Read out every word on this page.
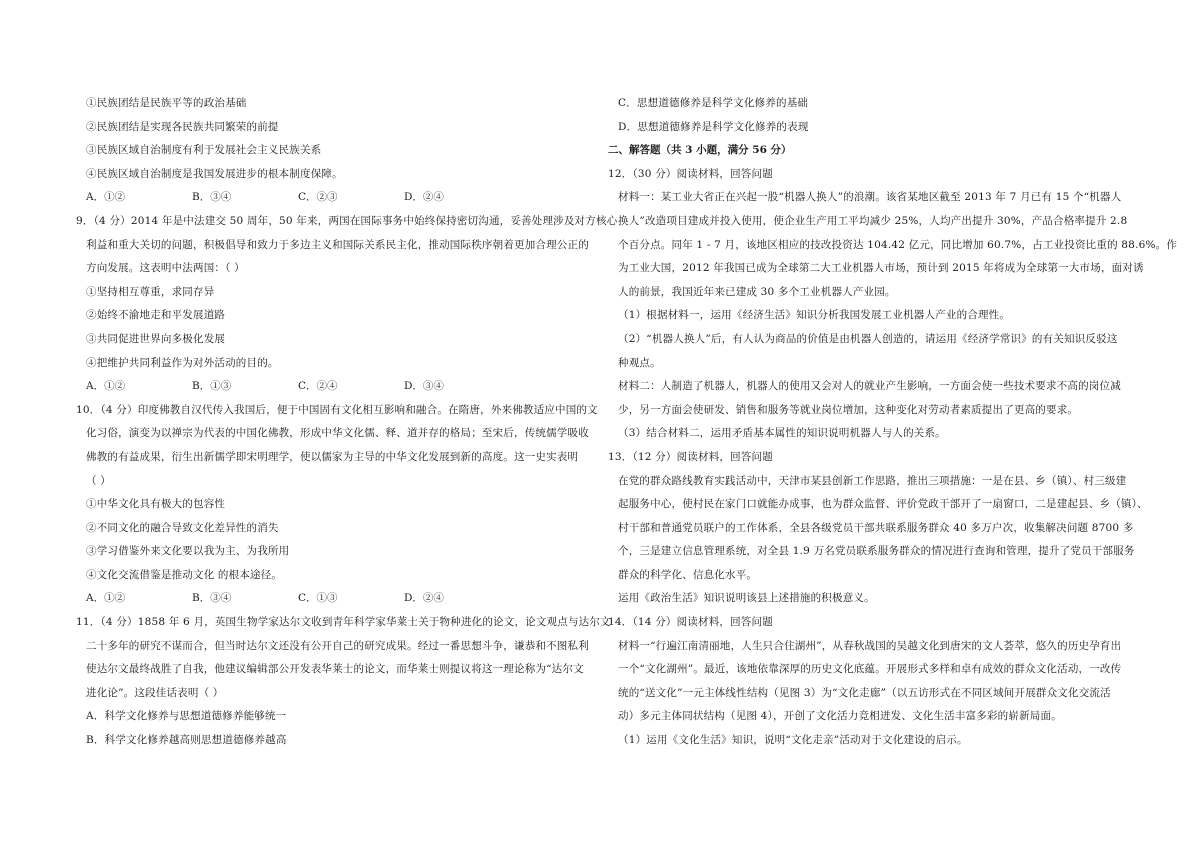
①民族团结是民族平等的政治基础
②民族团结是实现各民族共同繁荣的前提
③民族区域自治制度有利于发展社会主义民族关系
④民族区域自治制度是我国发展进步的根本制度保障。
A．①②	B．③④	C．②③	D．②④
9．（4 分）2014 年是中法建交 50 周年，50 年来，两国在国际事务中始终保持密切沟通，妥善处理涉及对方核心
利益和重大关切的问题，积极倡导和致力于多边主义和国际关系民主化，推动国际秩序朝着更加合理公正的
方向发展。这表明中法两国：（ ）
①坚持相互尊重，求同存异
②始终不渝地走和平发展道路
③共同促进世界向多极化发展
④把维护共同利益作为对外活动的目的。
A．①②	B．①③	C．②④	D．③④
10．（4 分）印度佛教自汉代传入我国后，便于中国固有文化相互影响和融合。在隋唐，外来佛教适应中国的文
化习俗，演变为以禅宗为代表的中国化佛教，形成中华文化儒、释、道并存的格局；至宋后，传统儒学吸收
佛教的有益成果，衍生出新儒学即宋明理学，使以儒家为主导的中华文化发展到新的高度。这一史实表明
（ ）
①中华文化具有极大的包容性
②不同文化的融合导致文化差异性的消失
③学习借鉴外来文化要以我为主、为我所用
④文化交流借鉴是推动文化 的根本途径。
A．①②	B．③④	C．①③	D．②④
11．（4 分）1858 年 6 月，英国生物学家达尔文收到青年科学家华莱士关于物种进化的论文，论文观点与达尔文
二十多年的研究不谋而合，但当时达尔文还没有公开自己的研究成果。经过一番思想斗争，谦恭和不图私利
使达尔文最终战胜了自我，他建议编辑部公开发表华莱士的论文，而华莱士则提议将这一理论称为“达尔文
进化论”。这段佳话表明（ ）
A．科学文化修养与思想道德修养能够统一
B．科学文化修养越高则思想道德修养越高
C．思想道德修养是科学文化修养的基础
D．思想道德修养是科学文化修养的表现
二、解答题（共 3 小题，满分 56 分）
12．（30 分）阅读材料，回答问题
材料一：某工业大省正在兴起一股“机器人换人”的浪潮。该省某地区截至 2013 年 7 月已有 15 个“机器人
换人”改造项目建成并投入使用，使企业生产用工平均减少 25%，人均产出提升 30%，产品合格率提升 2.8
个百分点。同年 1 - 7 月，该地区相应的技改投资达 104.42 亿元，同比增加 60.7%，占工业投资比重的 88.6%。作
为工业大国，2012 年我国已成为全球第二大工业机器人市场，预计到 2015 年将成为全球第一大市场，面对诱
人的前景，我国近年来已建成 30 多个工业机器人产业园。
（1）根据材料一，运用《经济生活》知识分析我国发展工业机器人产业的合理性。
（2）“机器人换人”后，有人认为商品的价值是由机器人创造的，请运用《经济学常识》的有关知识反驳这
种观点。
材料二：人制造了机器人，机器人的使用又会对人的就业产生影响，一方面会使一些技术要求不高的岗位减
少，另一方面会使研发、销售和服务等就业岗位增加，这种变化对劳动者素质提出了更高的要求。
（3）结合材料二，运用矛盾基本属性的知识说明机器人与人的关系。
13．（12 分）阅读材料，回答问题
在党的群众路线教育实践活动中，天津市某县创新工作思路，推出三项措施：一是在县、乡（镇）、村三级建
起服务中心，使村民在家门口就能办成事，也为群众监督、评价党政干部开了一扇窗口，二是建起县、乡（镇）、
村干部和普通党员联户的工作体系，全县各级党员干部共联系服务群众 40 多万户次，收集解决问题 8700 多
个，三是建立信息管理系统，对全县 1.9 万名党员联系服务群众的情况进行查询和管理，提升了党员干部服务
群众的科学化、信息化水平。
运用《政治生活》知识说明该县上述措施的积极意义。
14．（14 分）阅读材料，回答问题
材料一“行遍江南清丽地，人生只合住湖州”，从春秋战国的吴越文化到唐宋的文人荟萃，悠久的历史孕育出
一个“文化湖州”。最近，该地依靠深厚的历史文化底蕴。开展形式多样和卓有成效的群众文化活动，一改传
统的“送文化”一元主体线性结构（见图 3）为“文化走廊”（以五访形式在不同区域间开展群众文化交流活
动）多元主体同状结构（见图 4），开创了文化活力竞相迸发、文化生活丰富多彩的崭新局面。
（1）运用《文化生活》知识，说明“文化走亲”活动对于文化建设的启示。
